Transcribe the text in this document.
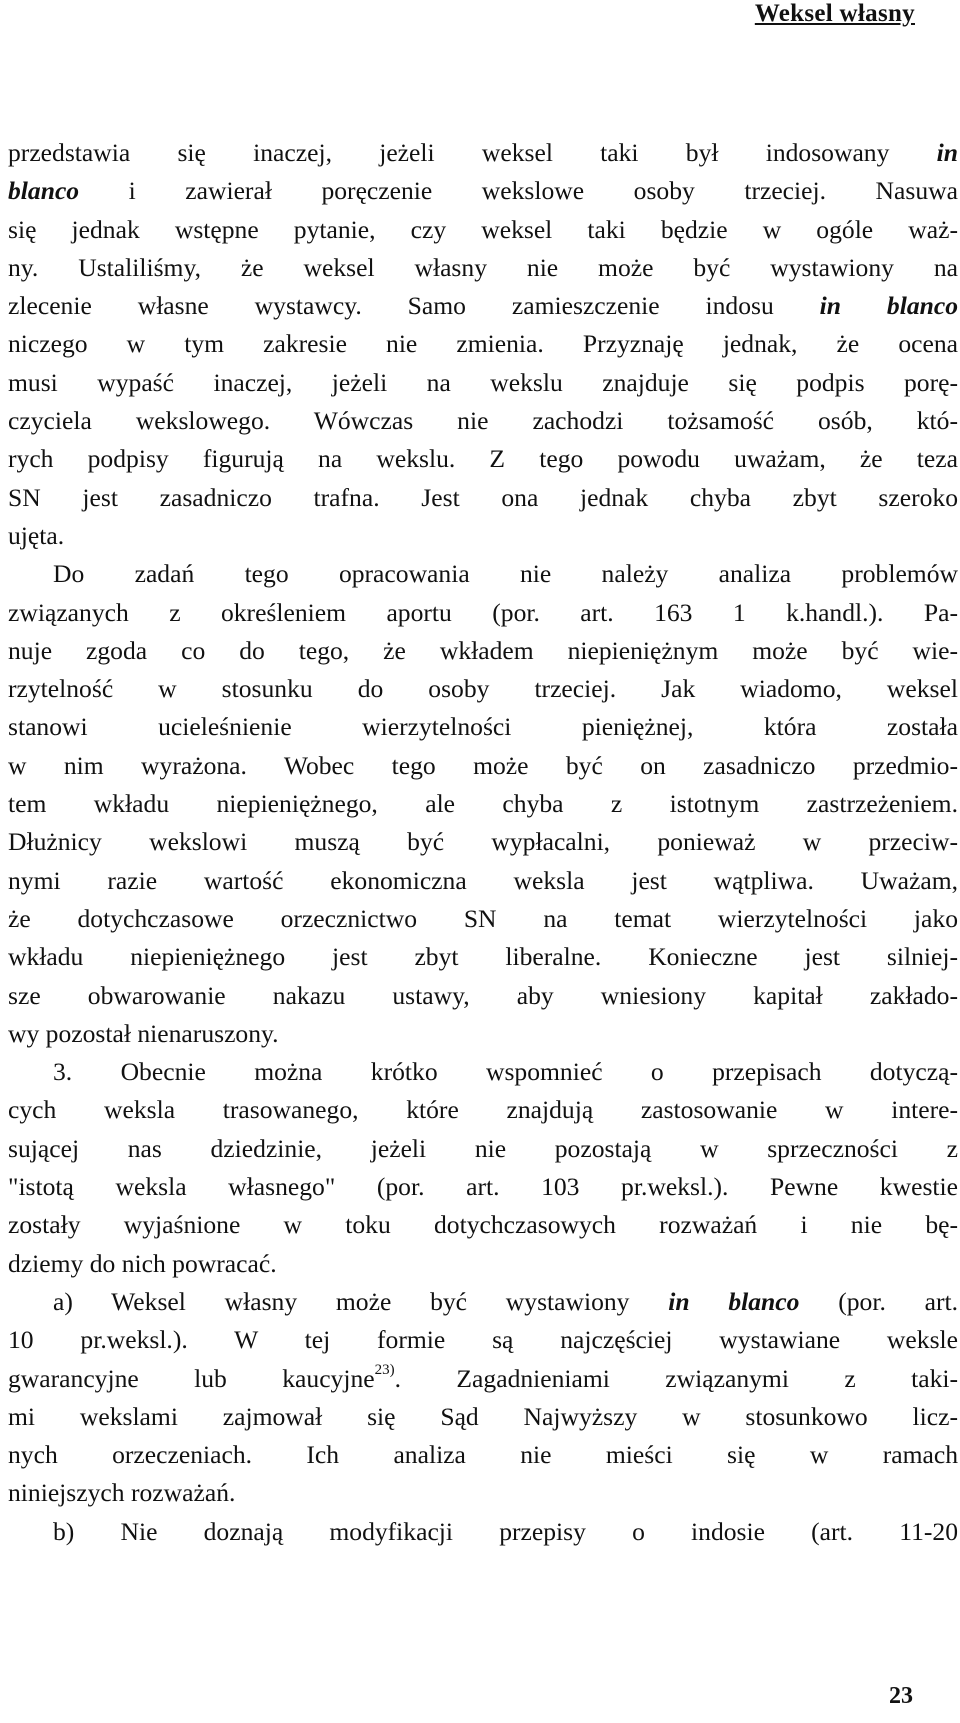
Weksel własny
przedstawia się inaczej, jeżeli weksel taki był indosowany in
blanco i zawierał poręczenie wekslowe osoby trzeciej. Nasuwa
się jednak wstępne pytanie, czy weksel taki będzie w ogóle waż-
ny. Ustaliliśmy, że weksel własny nie może być wystawiony na
zlecenie własne wystawcy. Samo zamieszczenie indosu in blanco
niczego w tym zakresie nie zmienia. Przyznaję jednak, że ocena
musi wypaść inaczej, jeżeli na wekslu znajduje się podpis porę-
czyciela wekslowego. Wówczas nie zachodzi tożsamość osób, któ-
rych podpisy figurują na wekslu. Z tego powodu uważam, że teza
SN jest zasadniczo trafna. Jest ona jednak chyba zbyt szeroko
ujęta.
Do zadań tego opracowania nie należy analiza problemów
związanych z określeniem aportu (por. art. 163 1 k.handl.). Pa-
nuje zgoda co do tego, że wkładem niepieniężnym może być wie-
rzytelność w stosunku do osoby trzeciej. Jak wiadomo, weksel
stanowi ucieleśnienie wierzytelności pieniężnej, która została
w nim wyrażona. Wobec tego może być on zasadniczo przedmio-
tem wkładu niepieniężnego, ale chyba z istotnym zastrzeżeniem.
Dłużnicy wekslowi muszą być wypłacalni, ponieważ w przeciw-
nymi razie wartość ekonomiczna weksla jest wątpliwa. Uważam,
że dotychczasowe orzecznictwo SN na temat wierzytelności jako
wkładu niepieniężnego jest zbyt liberalne. Konieczne jest silniej-
sze obwarowanie nakazu ustawy, aby wniesiony kapitał zakłado-
wy pozostał nienaruszony.
3. Obecnie można krótko wspomnieć o przepisach dotyczą-
cych weksla trasowanego, które znajdują zastosowanie w intere-
sującej nas dziedzinie, jeżeli nie pozostają w sprzeczności z
"istotą weksla własnego" (por. art. 103 pr.weksl.). Pewne kwestie
zostały wyjaśnione w toku dotychczasowych rozważań i nie bę-
dziemy do nich powracać.
a) Weksel własny może być wystawiony in blanco (por. art.
10 pr.weksl.). W tej formie są najczęściej wystawiane weksle
gwarancyjne lub kaucyjne$^{23)}$. Zagadnieniami związanymi z taki-
mi wekslami zajmował się Sąd Najwyższy w stosunkowo licz-
nych orzeczeniach. Ich analiza nie mieści się w ramach
niniejszych rozważań.
b) Nie doznają modyfikacji przepisy o indosie (art. 11-20
23
